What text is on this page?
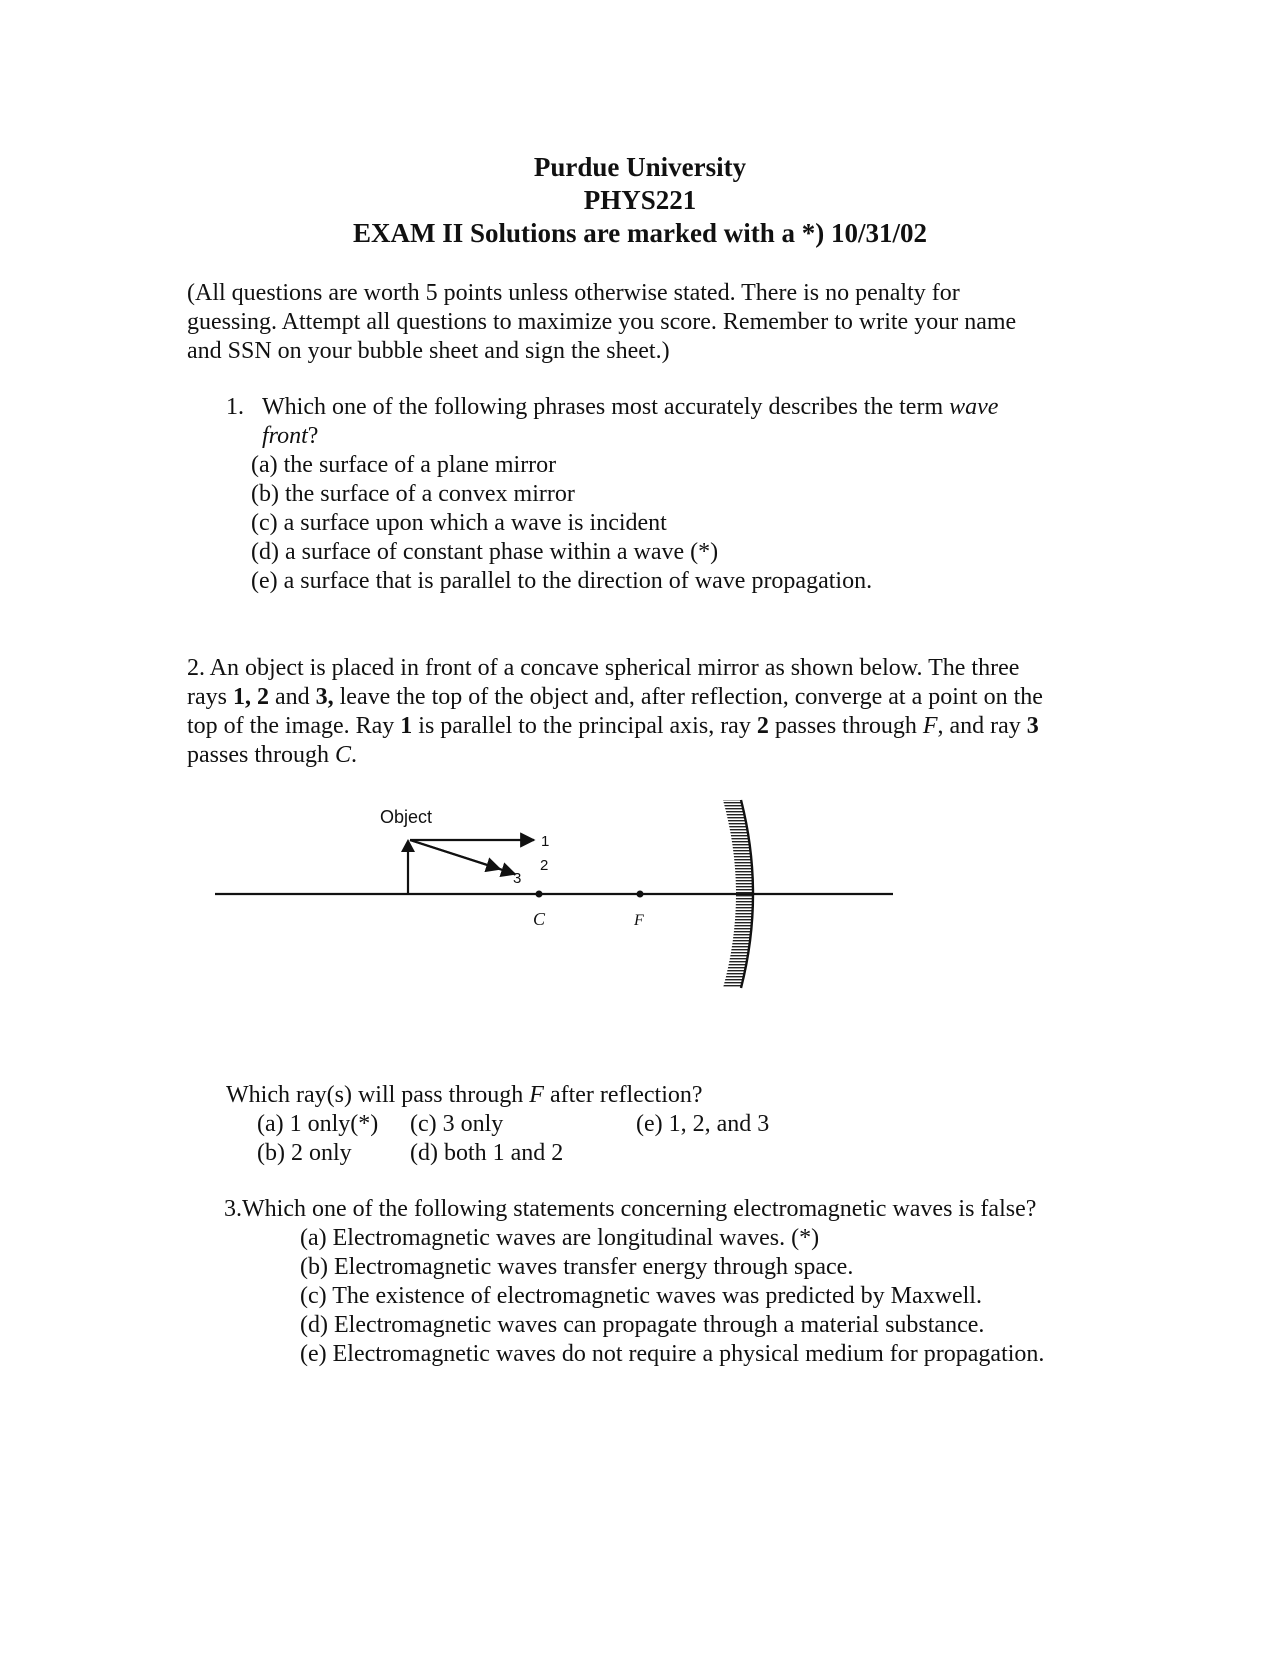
Purdue University
PHYS221
EXAM II Solutions are marked with a *) 10/31/02
(All questions are worth 5 points unless otherwise stated. There is no penalty for
guessing. Attempt all questions to maximize you score. Remember to write your name
and SSN on your bubble sheet and sign the sheet.)
1. Which one of the following phrases most accurately describes the term wave
front?
(a) the surface of a plane mirror
(b) the surface of a convex mirror
(c) a surface upon which a wave is incident
(d) a surface of constant phase within a wave (*)
(e) a surface that is parallel to the direction of wave propagation.
2. An object is placed in front of a concave spherical mirror as shown below. The three
rays 1, 2 and 3, leave the top of the object and, after reflection, converge at a point on the
top of the image. Ray 1 is parallel to the principal axis, ray 2 passes through F, and ray 3
passes through C.
Object
1
2
3
C	F
Which ray(s) will pass through F after reflection?
(a) 1 only(*) (c) 3 only	(e) 1, 2, and 3
(b) 2 only (d) both 1 and 2
3.Which one of the following statements concerning electromagnetic waves is false?
(a) Electromagnetic waves are longitudinal waves. (*)
(b) Electromagnetic waves transfer energy through space.
(c) The existence of electromagnetic waves was predicted by Maxwell.
(d) Electromagnetic waves can propagate through a material substance.
(e) Electromagnetic waves do not require a physical medium for propagation.
